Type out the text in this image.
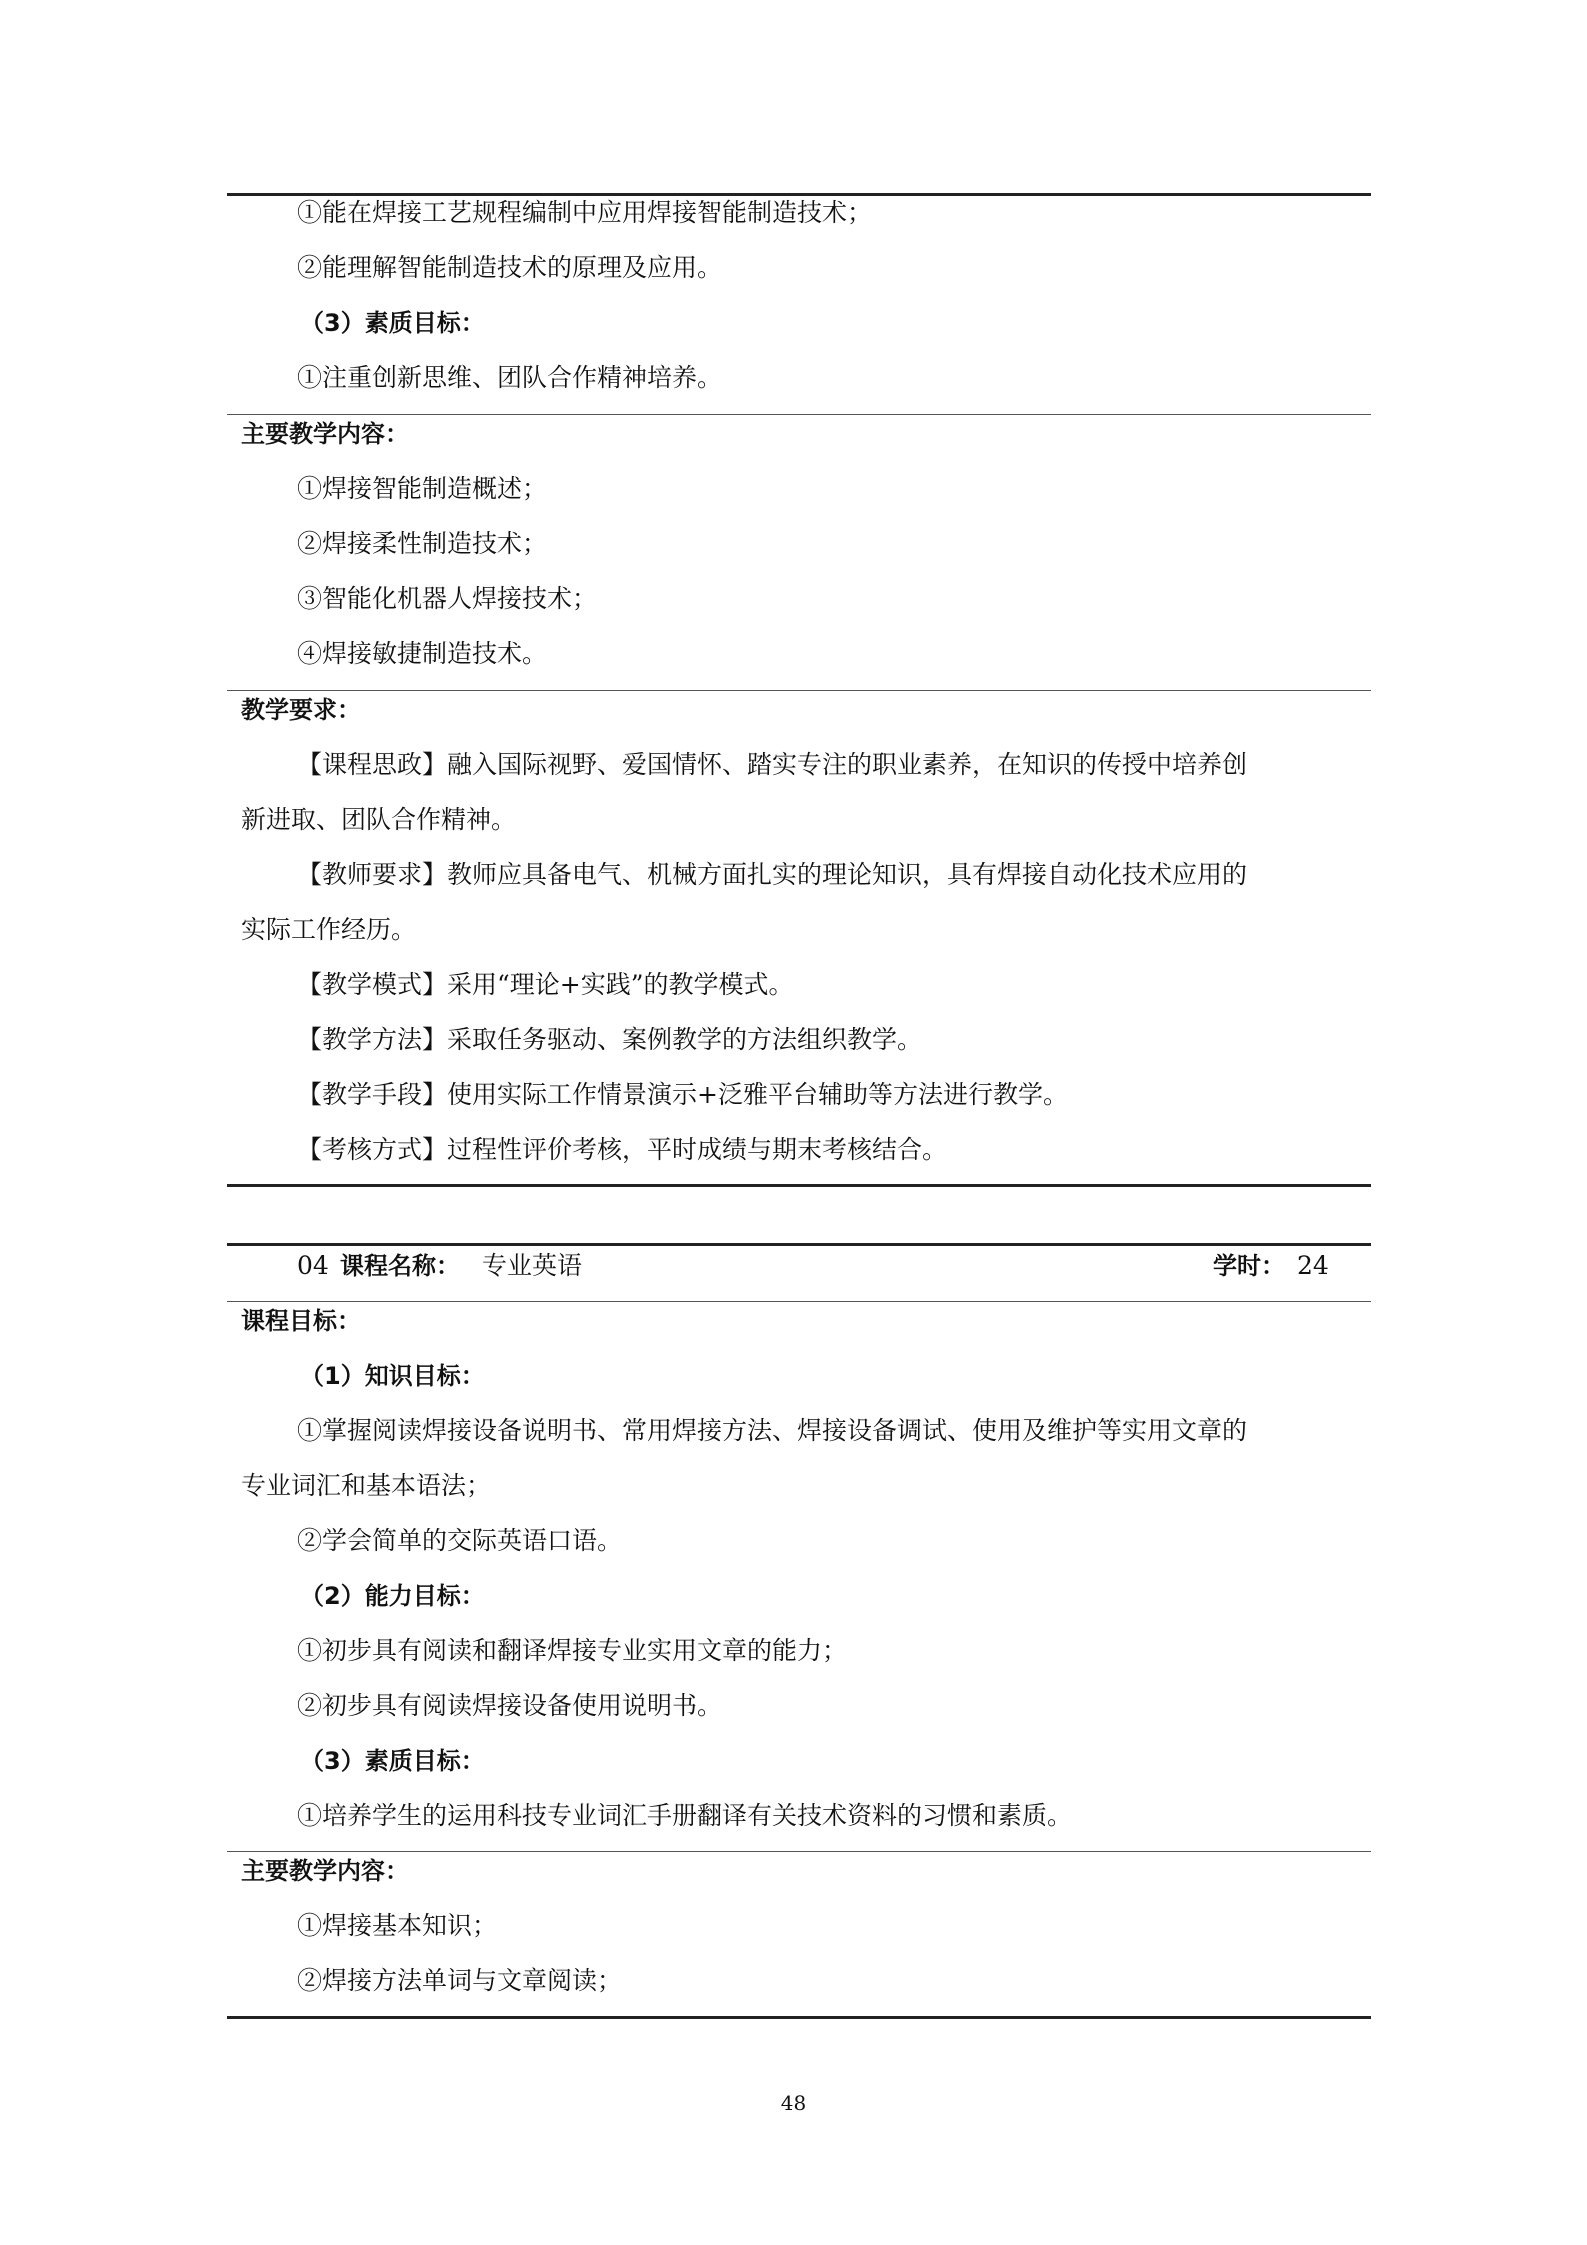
①能在焊接工艺规程编制中应用焊接智能制造技术；
②能理解智能制造技术的原理及应用。
（3）素质目标：
①注重创新思维、团队合作精神培养。
主要教学内容：
①焊接智能制造概述；
②焊接柔性制造技术；
③智能化机器人焊接技术；
④焊接敏捷制造技术。
教学要求：
【课程思政】融入国际视野、爱国情怀、踏实专注的职业素养，在知识的传授中培养创
新进取、团队合作精神。
【教师要求】教师应具备电气、机械方面扎实的理论知识，具有焊接自动化技术应用的
实际工作经历。
【教学模式】采用“理论+实践”的教学模式。
【教学方法】采取任务驱动、案例教学的方法组织教学。
【教学手段】使用实际工作情景演示+泛雅平台辅助等方法进行教学。
【考核方式】过程性评价考核，平时成绩与期末考核结合。
04 课程名称： 专业英语	学时： 24
课程目标：
（1）知识目标：
①掌握阅读焊接设备说明书、常用焊接方法、焊接设备调试、使用及维护等实用文章的
专业词汇和基本语法；
②学会简单的交际英语口语。
（2）能力目标：
①初步具有阅读和翻译焊接专业实用文章的能力；
②初步具有阅读焊接设备使用说明书。
（3）素质目标：
①培养学生的运用科技专业词汇手册翻译有关技术资料的习惯和素质。
主要教学内容：
①焊接基本知识；
②焊接方法单词与文章阅读；
48
